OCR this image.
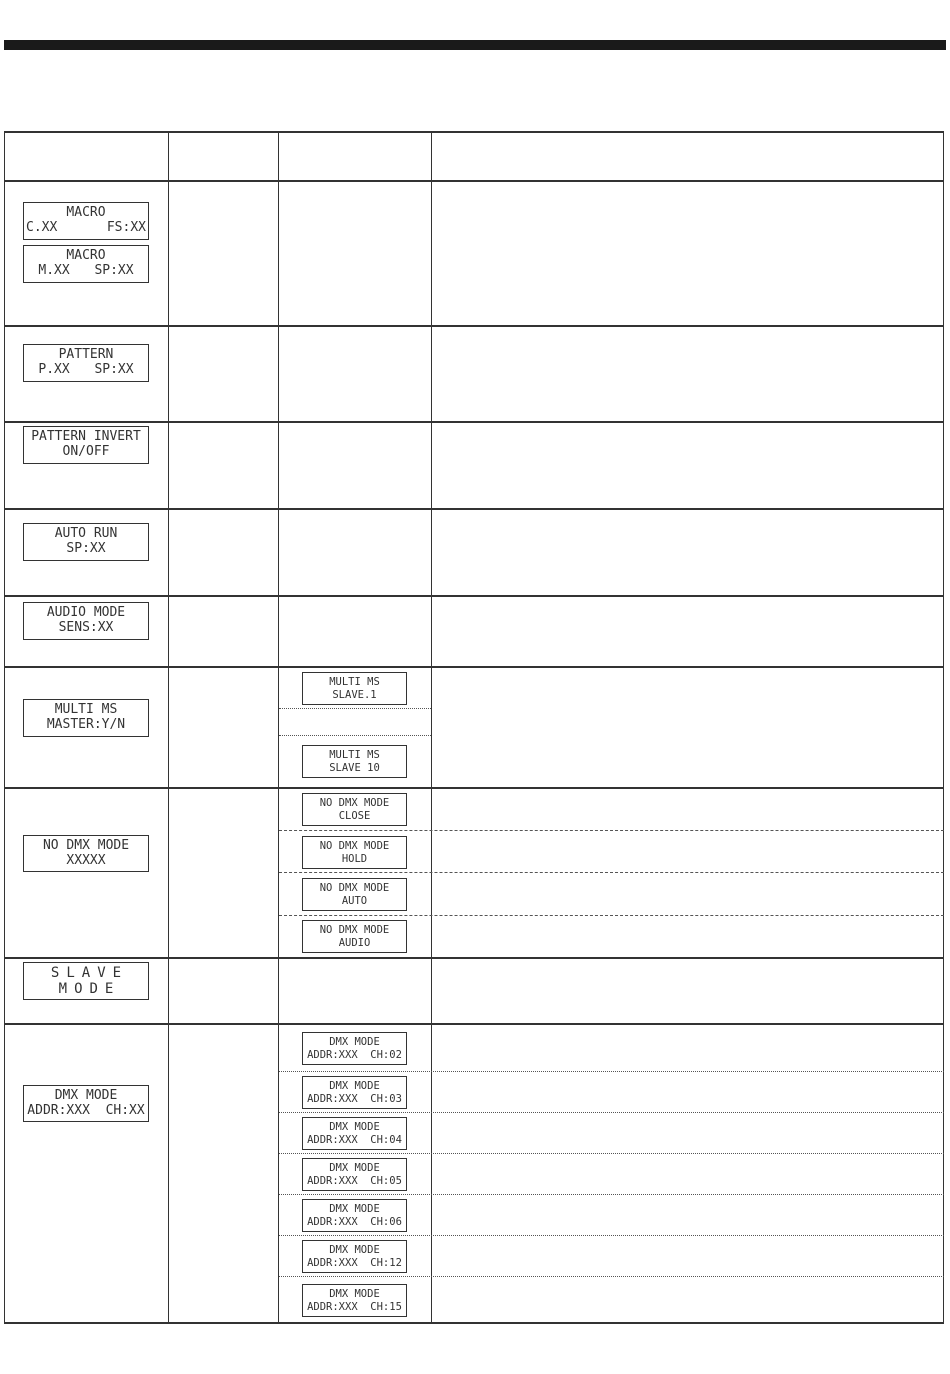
MACRO
C.XX	FS:XX
MACRO
M.XX SP:XX
PATTERN
P.XX SP:XX
PATTERN INVERT
ON/OFF
AUTO RUN
SP:XX
AUDIO MODE
SENS:XX
MULTI MS
MASTER:Y/N
NO DMX MODE
XXXXX
SLAVE
MODE
DMX MODE
ADDR:XXX  CH:XX
MULTI MS
SLAVE.1
MULTI MS
SLAVE 10
NO DMX MODE
CLOSE
NO DMX MODE
HOLD
NO DMX MODE
AUTO
NO DMX MODE
AUDIO
DMX MODE
ADDR:XXX  CH:02
DMX MODE
ADDR:XXX  CH:03
DMX MODE
ADDR:XXX  CH:04
DMX MODE
ADDR:XXX  CH:05
DMX MODE
ADDR:XXX  CH:06
DMX MODE
ADDR:XXX  CH:12
DMX MODE
ADDR:XXX  CH:15
